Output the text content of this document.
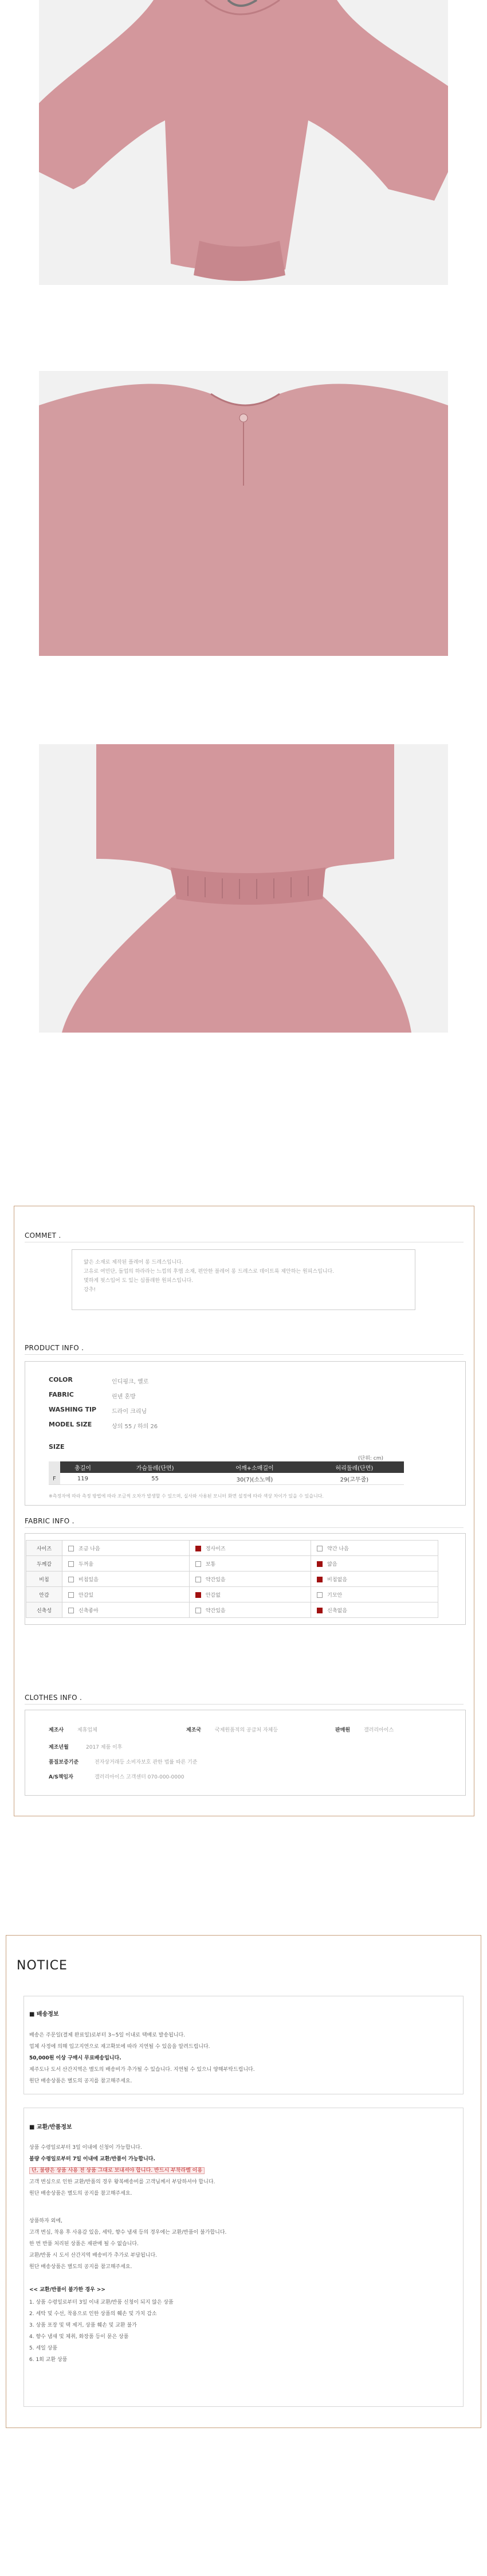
COMMET .
얇은 소재로 제작된 플레어 롱 드레스입니다.
고유로 여민단, 돌업의 하라라는 느낌의 후엠 소재, 편안한 블레어 롱 드레스로 데이트룩 제안하는 원피스입니다.
몇하게 핏스입어 도 있는 심플래한 원피스입니다.
강추!
PRODUCT INFO .
COLOR	인디핑크, 옐로
FABRIC	린넨 혼방
WASHING TIP	드라이 크리닝
MODEL SIZE	상의 55 / 하의 26
SIZE
(단위: cm)
	총길이	가슴둘레(단면)	어깨+소매길이	허리둘레(단면)
F	119	55	30(7)(소노메)	29(고무줄)
※측정자에 따라 측정 방법에 따라 조금씩 오차가 발생할 수 있으며, 실사와 사용된 모니터 화면 설정에 따라 색상 차이가 있을 수 있습니다.
FABRIC INFO .
사이즈	조금 나음	정사이즈	약간 나음
두께감	두꺼움	보통	얇음
비침	비침있음	약간있음	비침없음
안감	안감있	안감없	기모안
신축성	신축좋아	약간있음	신축없음
CLOTHES INFO .
제조사	제휴업체	제조국	국제원품적의 공급처 자체등	판매원	갤러리아이스
제조년월	2017 제품 이후
품질보증기준	전자상거래등 소비자보호 관한 법률 따른 기준
A/S책임자	갤러리아이스 고객센터 070-000-0000
NOTICE
■ 배송정보
배송은 주문일(결제 완료일)로부터 3~5일 이내로 택배로 발송됩니다.
업체 사정에 의해 입고지연으로 재고확보에 따라 지연될 수 있음을 알려드립니다.
50,000원 이상 구매시 무료배송입니다.
제주도나 도서 산간지역은 별도의 배송비가 추가될 수 있습니다. 지연될 수 있으니 양해부탁드립니다.
원단 배송상품은 별도의 공지를 참고해주세요.
■ 교환/반품정보
상품 수령일로부터 3일 이내에 신청이 가능합니다.
불량 수령일로부터 7일 이내에 교환/반품이 가능합니다.
단, 불량은 상품 사용 전 상품 그대로 보내셔야 합니다. 반드시 부착라벨 이용
고객 변심으로 인한 교환/반품의 경우 왕복배송비를 고객님께서 부담하셔야 합니다.
원단 배송상품은 별도의 공지를 참고해주세요.
상품하자 외에,
고객 변심, 착용 후 사용감 있음, 세탁, 향수 냄새 등의 경우에는 교환/반품이 불가합니다.
한 번 반품 처리된 상품은 재판매 될 수 없습니다.
교환/반품 시 도서 산간지역 배송비가 추가로 부담됩니다.
원단 배송상품은 별도의 공지를 참고해주세요.
<< 교환/반품이 불가한 경우 >>
1. 상품 수령일로부터 3일 이내 교환/반품 신청이 되지 않은 상품
2. 세탁 및 수선, 착용으로 인한 상품의 훼손 및 가치 감소
3. 상품 포장 및 택 제거, 상품 훼손 및 교환 불가
4. 향수 냄새 및 체취, 화장품 등이 묻은 상품
5. 세일 상품
6. 1회 교환 상품
